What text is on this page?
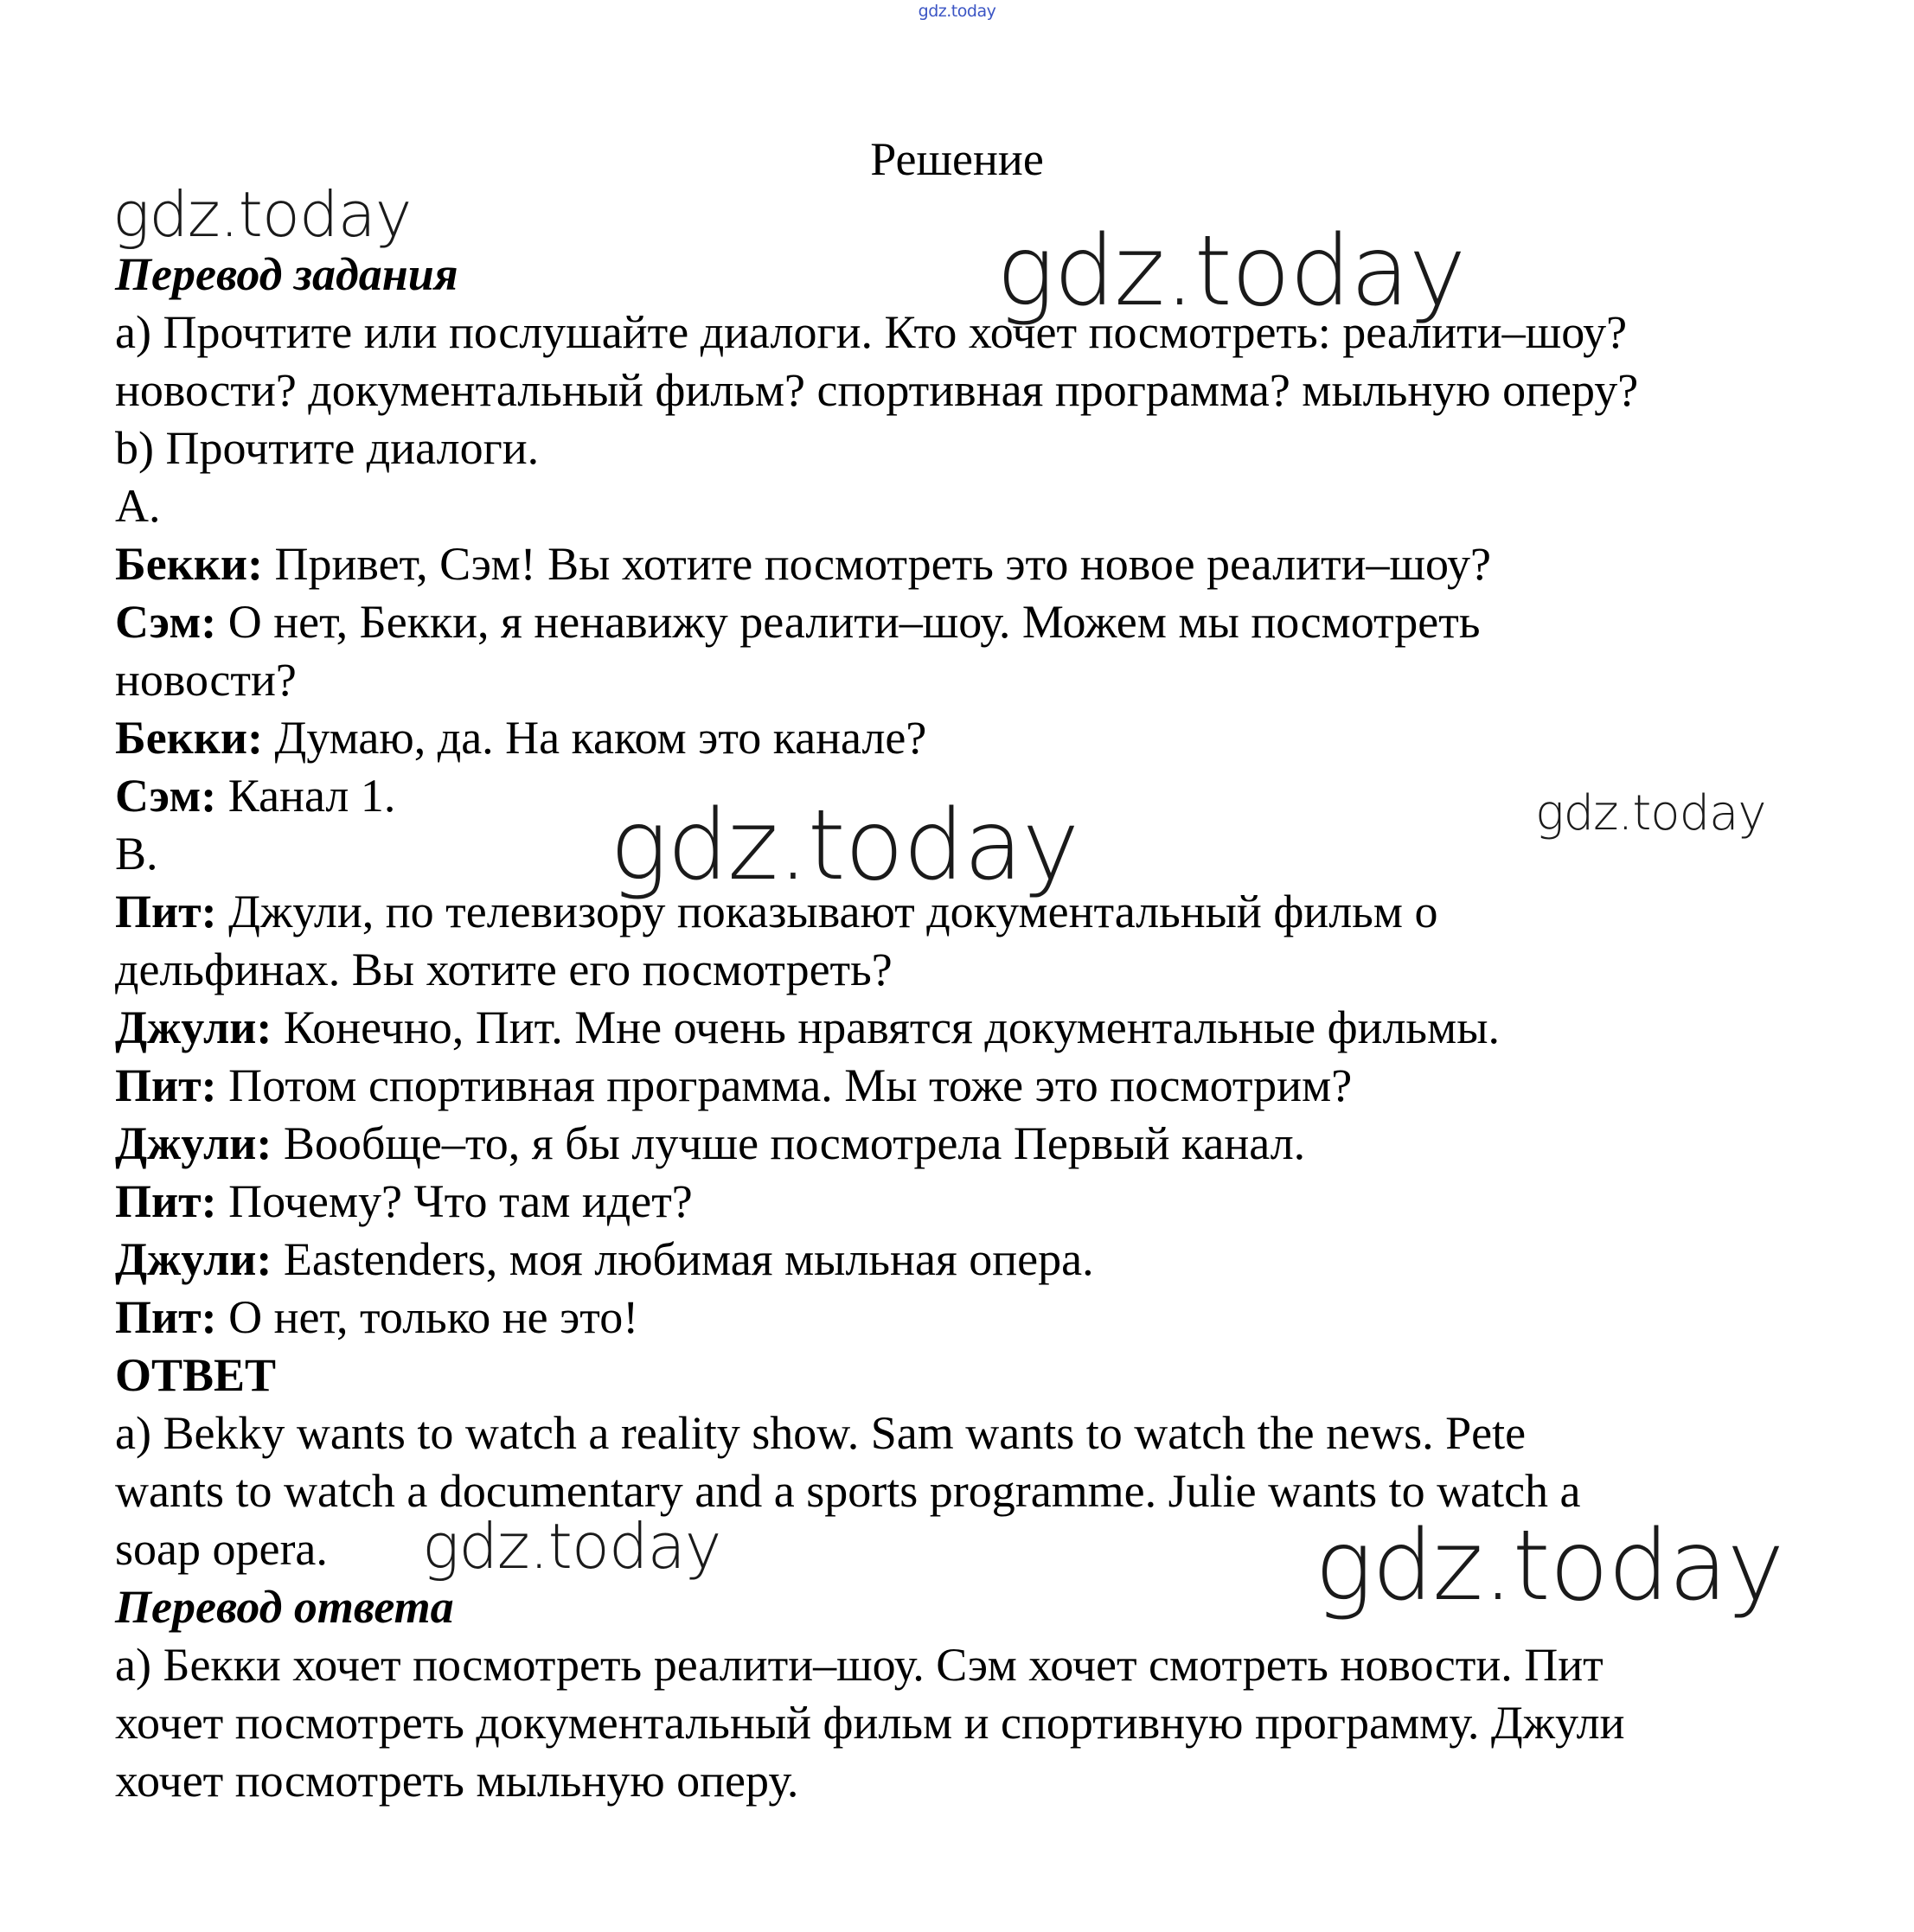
gdz.today
Решение
Перевод задания
а) Прочтите или послушайте диалоги. Кто хочет посмотреть: реалити–шоу?
новости? документальный фильм? спортивная программа? мыльную оперу?
b) Прочтите диалоги.
A.
Бекки: Привет, Сэм! Вы хотите посмотреть это новое реалити–шоу?
Сэм: О нет, Бекки, я ненавижу реалити–шоу. Можем мы посмотреть
новости?
Бекки: Думаю, да. На каком это канале?
Сэм: Канал 1.
B.
Пит: Джули, по телевизору показывают документальный фильм о
дельфинах. Вы хотите его посмотреть?
Джули: Конечно, Пит. Мне очень нравятся документальные фильмы.
Пит: Потом спортивная программа. Мы тоже это посмотрим?
Джули: Вообще–то, я бы лучше посмотрела Первый канал.
Пит: Почему? Что там идет?
Джули: Eastenders, моя любимая мыльная опера.
Пит: О нет, только не это!
ОТВЕТ
a) Bekky wants to watch a reality show. Sam wants to watch the news. Pete
wants to watch a documentary and a sports programme. Julie wants to watch a
soap opera.
Перевод ответа
а) Бекки хочет посмотреть реалити–шоу. Сэм хочет смотреть новости. Пит
хочет посмотреть документальный фильм и спортивную программу. Джули
хочет посмотреть мыльную оперу.
gdz.today
gdz.today
gdz.today
gdz.today
gdz.today	gdz.today
